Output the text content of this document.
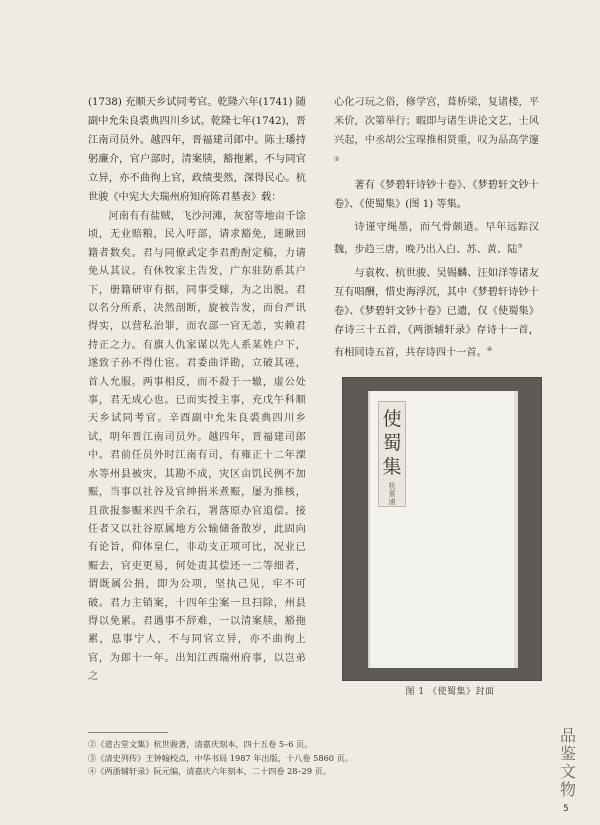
(1738) 充顺天乡试同考官。乾隆六年(1741) 随副中允朱良裘典四川乡试。乾隆七年(1742)，晋江南司员外。越四年，晋福建司郎中。陈士璠持躬廉介，官户部时，清案牍，豁拖累，不与同官立异，亦不曲徇上官，政绩斐然，深得民心。杭世骏《中宪大夫瑞州府知府陈君墓表》载：

河南有有盐贼，飞沙河滩，灰窑等地亩千馀顷，无业赔粮，民入吁部，请求豁免，迷瞅回籍者数矣。君与同僚武定李君酌酎定稿，力请免从其议。有休牧家主告发，广东驻防系其户下，册籍研审有据，同事受赇，为之出脱。君以名分所系，决然剖断，旋被告发，而台严讯得实，以营私治罪，而农部一官无恙，实赖君持正之力。有旗人仇家谋以先人系某姓户下，遂致子孙不得仕宦。君委曲详勘，立破其诬，首人允服。两事相反，而不殺于一辙，虚公处事，君无成心也。已而实授主事，充戊午科顺天乡试同考官。辛酉副中允朱良裘典四川乡试，明年晋江南司员外。越四年，晋福建司郎中。君前任员外时江南有司，有雍正十二年溧水等州县被灾，其勘不成，灾区亩饥民例不加赈，当事以社谷及官绅捐米煮赈，屡为推核，且欲报参赈米四千余石，署落原办官追偿。接任者又以社谷原属地方公输储备散岁，此固向有论旨，仰体皇仁，非动支正项可比，况业已赈去，官吏更易，何处责其偿还一二等细者，谓既属公捐，即为公项，坚执己见，牢不可破。君力主销案，十四年尘案一旦扫除，州县得以免累。君遇事不辞难，一以清案牍，豁拖累，息事宁人，不与同官立异，亦不曲徇上官，为郎十一年。出知江西瑞州府事，以岂弟之

心化刁玩之俗，修学宫，葺桥梁，复诸楼，平米价，次第举行；暇即与诸生讲论文艺，士风兴起，中丞胡公宝瑔推相贤重，叹为品高学邃②

著有《梦碧轩诗钞十卷》、《梦碧轩文钞十卷》、《使蜀集》(图 1) 等集。

诗谨守绳墨，而气骨颇遒。早年远踪汉魏，步趋三唐，晚乃出入白、苏、黄、陆③

与袁枚、杭世骏、吴锡麟、汪如洋等诸友互有唱酬，惜史海浮沉，其中《梦碧轩诗钞十卷》、《梦碧轩文钞十卷》已遗，仅《使蜀集》存诗三十五首，《两浙辅轩录》存诗十一首，有相同诗五首，共存诗四十一首。④

使
蜀
集
杭
堇
浦
图 1 《使蜀集》封面

②《道古堂文集》杭世骏著，清嘉庆刻本，四十五卷 5–6 页。

③《清史列传》王钟翰校点，中华书局 1987 年出版，十八卷 5860 页。

④《两浙辅轩录》阮元编，清嘉庆六年刻本，二十四卷 28–29 页。

品
鉴
文
物
5
